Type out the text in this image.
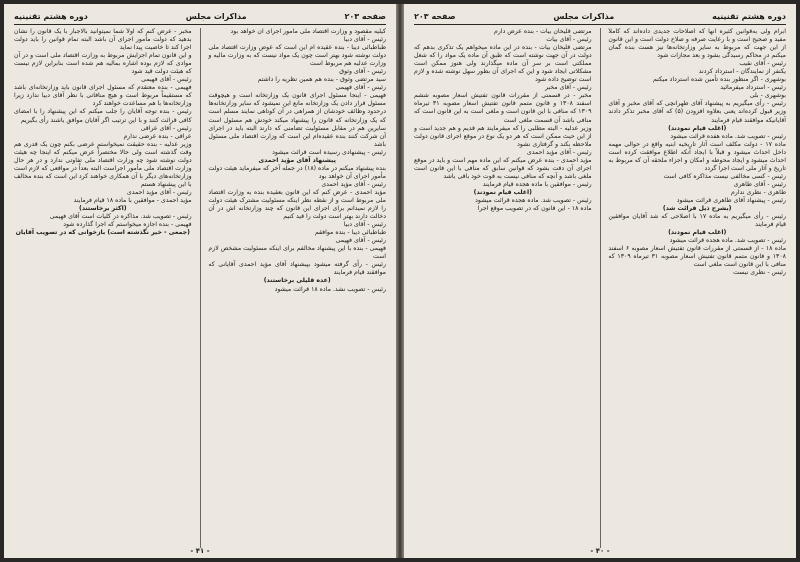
صفحه ۲۰۳
مذاکرات مجلس
دوره هشتم تقنینیه

کیلیه مقصود و وزارت اقتصاد ملی مأمور اجرای آن خواهد بود

رئیس - آقای دبیا

طباطبائی دیبا - بنده عقیده ام این است که عوض وزارت اقتصاد ملی دولت نوشته شود بهتر است چون یک مواد نیست که به وزارت مالیه و وزارت عدلیه هم مربوط است

رئیس - آقای وثوق

سید مرتضی وثوق - بنده هم همین نظریه را داشتم

رئیس - آقای فهیمی

فهیمی - اینجا مسئول اجرای قانون یک وزارتخانه است و هیچوقت مسئول قرار دادن یک وزارتخانه مانع این نمیشود که سایر وزارتخانه‌ها درحدود وظائف خودشان از همراهی در آن کوتاهی نمایند مسلم است که یک وزارتخانه که قانون را پیشنهاد میکند خودش هم مسئول است سایرین هم در مقابل مسئولیت تضامنی که دارند البته باید در اجرای آن شرکت کنند بنده عقیده‌ام این است که وزارت اقتصاد ملی مسئول باشد

رئیس - پیشنهادی رسیده است قرائت میشود

پیشنهاد آقای مؤید احمدی

بنده پیشنهاد میکنم در ماده (۱۸) در جمله آخر که میفرماید هیئت دولت مأمور اجرای آن خواهد بود

رئیس - آقای مؤید احمدی

مؤید احمدی - عرض کنم که این قانون بعقیده بنده به وزارت اقتصاد ملی مربوط است و از نقطه نظر اینکه مسئولیت مشترک هیئت دولت را لازم نمیدانم برای اجرای این قانون که چند وزارتخانه اش در آن دخالت دارند بهتر است دولت را قید کنیم

رئیس - آقای دبیا

طباطبائی دیبا - بنده موافقم

رئیس - آقای فهیمی

فهیمی - بنده با این پیشنهاد مخالفم برای اینکه مسئولیت مشخص لازم است

رئیس - رأی گرفته میشود بپیشنهاد آقای مؤید احمدی آقایانی که موافقند قیام فرمایند

(عده قلیلی برخاستند)

رئیس - تصویب نشد. ماده ۱۸ قرائت میشود

مخبر - عرض کنم که اولاً شما نمیتوانید بالاجبار با یک قانون را نشان بدهید که دولت مأمور اجرای آن باشد البته تمام قوانین را باید دولت اجرا کند تا خاصیت پیدا نماید

و این قانون تمام اجزایش مربوط به وزارت اقتصاد ملی است و در آن موادی که لازم بوده اشاره بمالیه هم شده است بنابراین لازم نیست که هیئت دولت قید شود

رئیس - آقای فهیمی

فهیمی - بنده معتقدم که مسئول اجرای قانون باید وزارتخانه‌ای باشد که مستقیماً مربوط است و هیچ منافاتی با نظر آقای دبیا ندارد زیرا وزارتخانه‌ها با هم مساعدت خواهند کرد

رئیس - بنده توجه آقایان را جلب میکنم که این پیشنهاد را با امضای کافی قرائت کنند و با این ترتیب اگر آقایان موافق باشند رأی بگیریم

رئیس - آقای عراقی

عراقی - بنده عرضی ندارم

وزیر عدلیه - بنده حقیقت نمیخواستم عرضی بکنم چون یک قدری هم وقت گذشته است ولی حالا مختصراً عرض میکنم که اینجا چه هیئت دولت نوشته شود چه وزارت اقتصاد ملی تفاوتی ندارد و در هر حال وزارت اقتصاد ملی مأمور اجراست البته بعداً در مواقعی که لازم است وزارتخانه‌های دیگر با آن همکاری خواهند کرد این است که بنده مخالف با این پیشنهاد هستم

رئیس - آقای مؤید احمدی

مؤید احمدی - موافقین با ماده ۱۸ قیام فرمایند

(اکثر برخاستند)

رئیس - تصویب شد. مذاکره در کلیات است آقای فهیمی

فهیمی - بنده اجازه میخواستم که اجرا گذارده شود

(جمعی - خیر نگذشته است) بازخوانی که در تصویب آقایان

- ۴۱ -
دوره هشتم تقنینیه
مذاکرات مجلس
صفحه ۲۰۳

ابرام ولی به‌قوانین کثیره آنها که اصلاحات جدیدی داده‌اند که کاملاً مفید و صحیح است و با رعایت صرفه و صلاح دولت است و این قانون از این جهت که مربوط به سایر وزارتخانه‌ها نیز هست بنده گمان میکنم در محاکم رسیدگی بشود و بعد مجازات شود

رئیس - آقای نقیب

یکنفر از نمایندگان - استرداد کردند

بوشهری - اگر منظور بنده تأمین شده استرداد میکنم

رئیس - استرداد میفرمائید

بوشهری - بلی

رئیس - رأی میگیریم به پیشنهاد آقای طهرانچی که آقای مخبر و آقای وزیر قبول کرده‌اند یعنی بعلاوه افزودن (۵) که آقای مخبر تذکر دادند آقایانیکه موافقند قیام فرمایند

(اغلب قیام نمودند)

رئیس - تصویب شد. ماده هفده قرائت میشود

ماده ۱۷ - دولت مکلف است آثار تاریخیه ابنیه واقع در حوالی مهمه داخل احداث میشود و قبلاً با ایجاد آنکه اطلاع موافقت کرده است احداث میشود و ایجاد محوطه و امکان و اجزاء ملحقه آن که مربوط به تاریخ و آثار ملی است اجرا گردد

رئیس - کسی مخالفی نیست مذاکره کافی است

رئیس - آقای طاهری

طاهری - نظری ندارم

رئیس - پیشنهاد آقای طاهری قرائت میشود

(بشرح ذیل قرائت شد)

رئیس - رأی میگیریم به ماده ۱۷ با اصلاحی که شد آقایان موافقین قیام فرمایند

(اغلب قیام نمودند)

رئیس - تصویب شد. ماده هجده قرائت میشود

ماده ۱۸ - از قسمتی از مقررات قانون تفتیش اسعار مصوبه ۶ اسفند ۱۳۰۸ و قانون متمم قانون تفتیش اسعار مصوبه ۳۱ تیرماه ۱۳۰۹ که منافی با این قانون است ملغی است

رئیس - نظری نیست

مرتضی قلیخان بیات - بنده عرض دارم

رئیس - آقای بیات

مرتضی قلیخان بیات - بنده در این ماده میخواهم یک تذکری بدهم که دولت در آن جهت نوشته است که طبق آن ماده یک مواد را که شغل مملکتی است بر سر آن ماده میگذارند ولی هنوز ممکن است مشکلاتی ایجاد شود و این که اجرای آن بطور سهل نوشته شده و لازم است توضیح داده شود

رئیس - آقای مخبر

مخبر - در قسمتی از مقررات قانون تفتیش اسعار مصوبه ششم اسفند ۱۳۰۸ و قانون متمم قانون تفتیش اسعار مصوبه ۳۱ تیرماه ۱۳۰۹ که منافی با این قانون است و ملغی است به این قانون است که منافی باشد آن قسمت ملغی است

وزیر عدلیه - البته مطلبی را که میفرمایند هم قدیم و هم جدید است و از این حیث ممکن است که هر دو یک نوع در موقع اجرای قانون دولت ملاحظه بکند و گرفتاری نشود

رئیس - آقای مؤید احمدی

مؤید احمدی - بنده عرض میکنم که این ماده مهم است و باید در موقع اجرای آن دقت بشود که قوانین سابق که منافی با این قانون است ملغی باشد و آنچه که منافی نیست به قوت خود باقی باشد

رئیس - موافقین با ماده هجده قیام فرمایند

(اغلب قیام نمودند)

رئیس - تصویب شد. ماده هجده قرائت میشود

ماده ۱۸ - این قانون که در تصویب موقع اجرا

- ۴۰ -
